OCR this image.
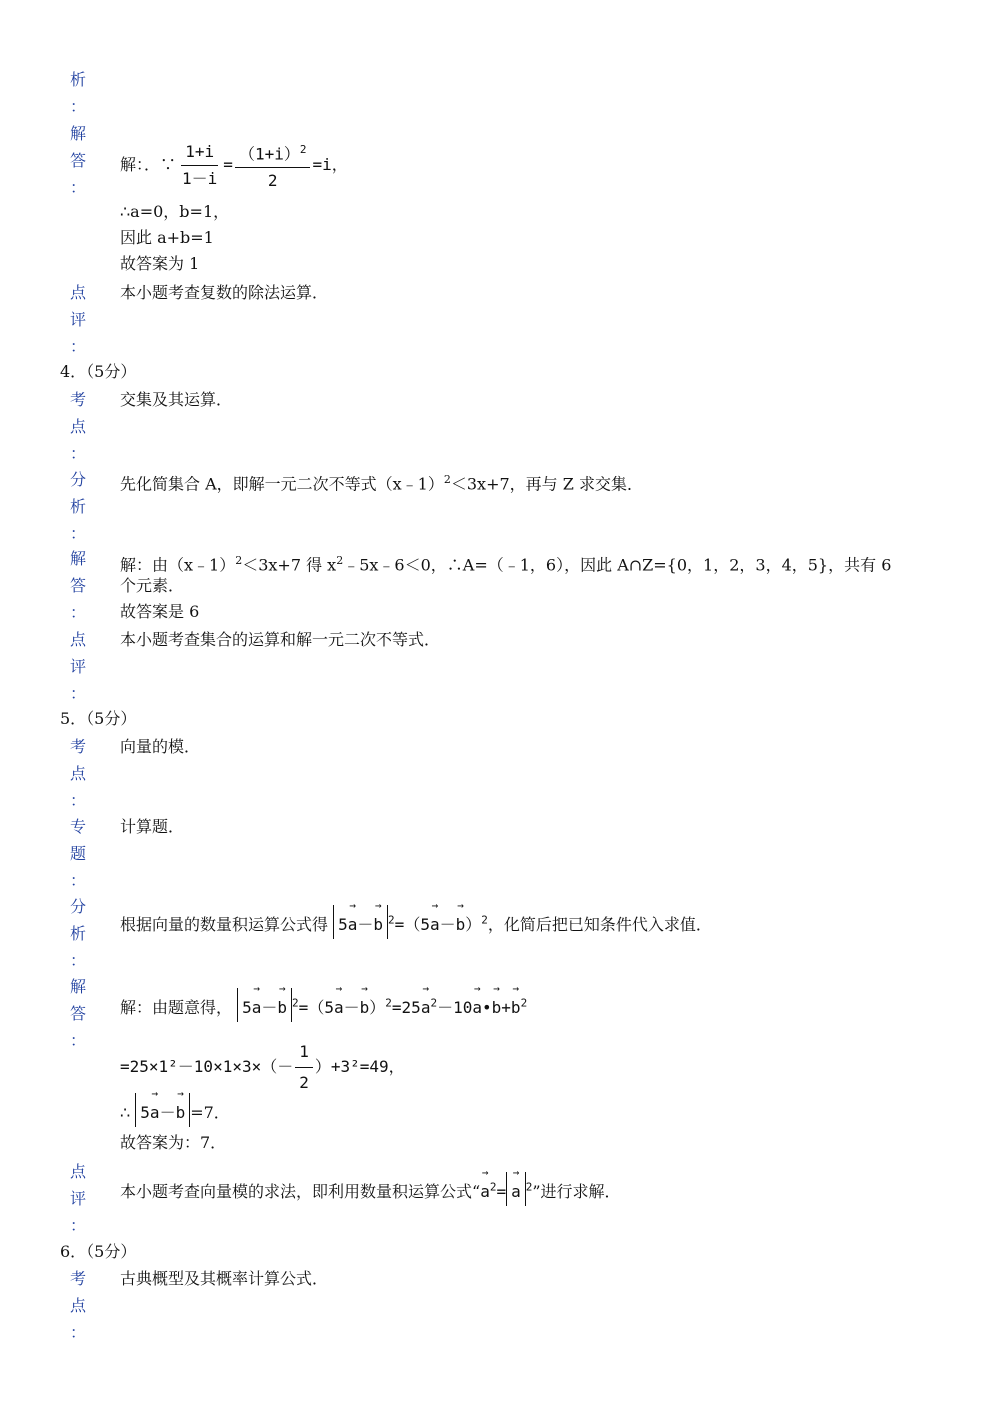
析
：
解
答
：
解：．∵ $\frac{1+i}{1-i} = \frac{(1+i)^2}{2} =i$，
∴a=0，b=1，
因此 a+b=1
故答案为 1
点
评
：
本小题考查复数的除法运算．
4．（5分）
考
点
：
交集及其运算．
分
析
：
先化简集合 A，即解一元二次不等式（x﹣1）$^2$＜3x+7，再与 Z 求交集．
解
答
：
解：由（x﹣1）$^2$＜3x+7 得 $x^2﹣5x﹣6<0$，∴A=（﹣1，6），因此 A∩Z={0，1，2，3，4，5}，共有 6
个元素．
故答案是 6
点
评
：
本小题考查集合的运算和解一元二次不等式．
5．（5分）
考
点
：
向量的模．
专
题
：
计算题．
分
析
：
根据向量的数量积运算公式得 5→ a－→ b $^2=(5\to a-\to b)^2$，化简后把已知条件代入求值．
解
答
：
解：由题意得， 5→ a－→ b $^2=(5\to a-\to b)^2=25\to a^2-10\to$ a•→ $b+\to b^2$
$=25\times 1^2-10\times 1\times 3\times(- \frac{1}{2} )+3^2=49$，
∴ 5→ a－→ b =7．
故答案为：7．
点
评
：
本小题考查向量模的求法，即利用数量积运算公式“→ $a^2=\to a$ $^2$”进行求解．
6．（5分）
考
点
：
古典概型及其概率计算公式．
